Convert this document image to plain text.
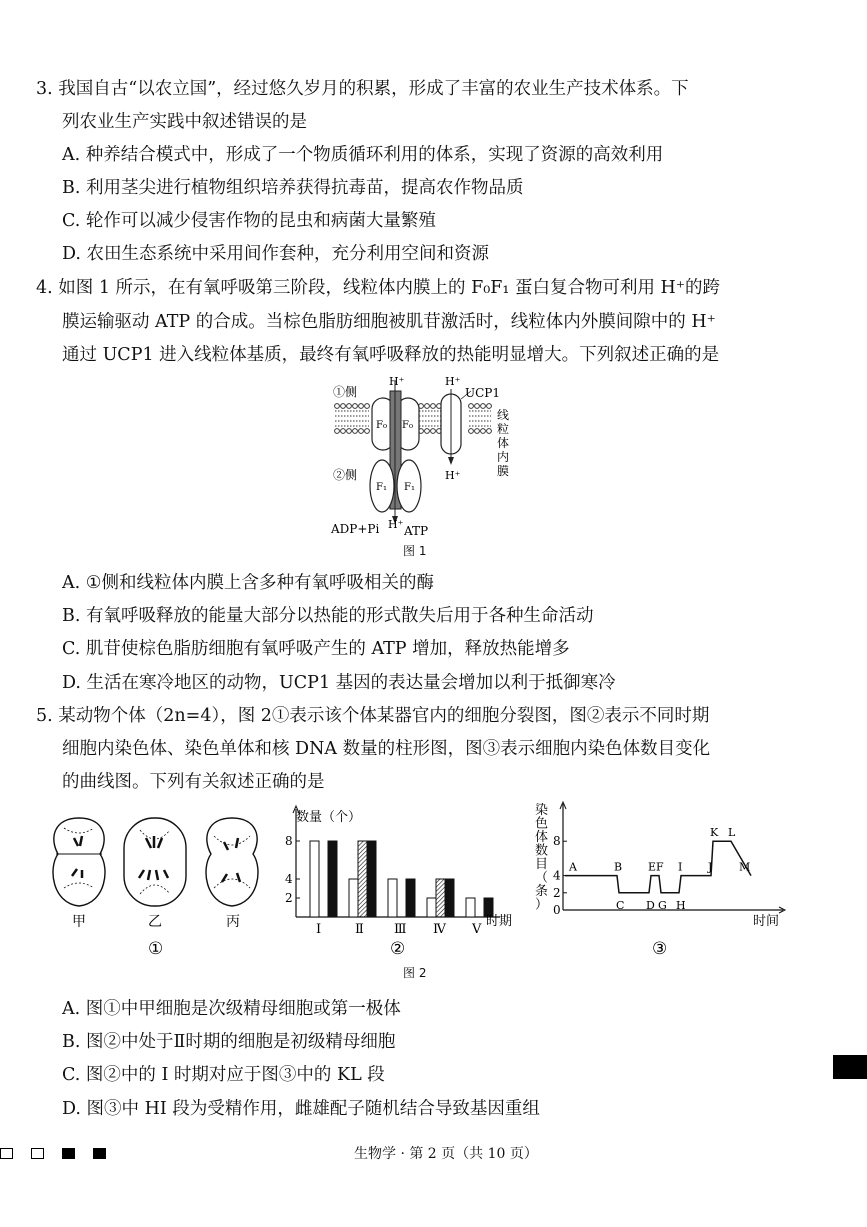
3. 我国自古“以农立国”，经过悠久岁月的积累，形成了丰富的农业生产技术体系。下
列农业生产实践中叙述错误的是
A. 种养结合模式中，形成了一个物质循环利用的体系，实现了资源的高效利用
B. 利用茎尖进行植物组织培养获得抗毒苗，提高农作物品质
C. 轮作可以减少侵害作物的昆虫和病菌大量繁殖
D. 农田生态系统中采用间作套种，充分利用空间和资源
4. 如图 1 所示，在有氧呼吸第三阶段，线粒体内膜上的 F₀F₁ 蛋白复合物可利用 H⁺的跨
膜运输驱动 ATP 的合成。当棕色脂肪细胞被肌苷激活时，线粒体内外膜间隙中的 H⁺
通过 UCP1 进入线粒体基质，最终有氧呼吸释放的热能明显增大。下列叙述正确的是
①侧
②侧
H⁺	H⁺
H⁺
UCP1
F₀ F₀
F₁ F₁
线
粒
体
内
膜
ADP+Pi H⁺ ATP
图 1
A. ①侧和线粒体内膜上含多种有氧呼吸相关的酶
B. 有氧呼吸释放的能量大部分以热能的形式散失后用于各种生命活动
C. 肌苷使棕色脂肪细胞有氧呼吸产生的 ATP 增加，释放热能增多
D. 生活在寒冷地区的动物，UCP1 基因的表达量会增加以利于抵御寒冷
5. 某动物个体（2n=4），图 2①表示该个体某器官内的细胞分裂图，图②表示不同时期
细胞内染色体、染色单体和核 DNA 数量的柱形图，图③表示细胞内染色体数目变化
的曲线图。下列有关叙述正确的是
甲	乙	丙
①
数量（个）
2
4
8
Ⅰ	Ⅱ Ⅲ Ⅳ Ⅴ
时期
②
染
色
体
数
目
（
条
） 0
2
4
8
A	B
C D
E F
G H
I J
K L
M
时间
③
图 2
A. 图①中甲细胞是次级精母细胞或第一极体
B. 图②中处于Ⅱ时期的细胞是初级精母细胞
C. 图②中的 Ⅰ 时期对应于图③中的 KL 段
D. 图③中 HI 段为受精作用，雌雄配子随机结合导致基因重组
生物学 · 第 2 页（共 10 页）
